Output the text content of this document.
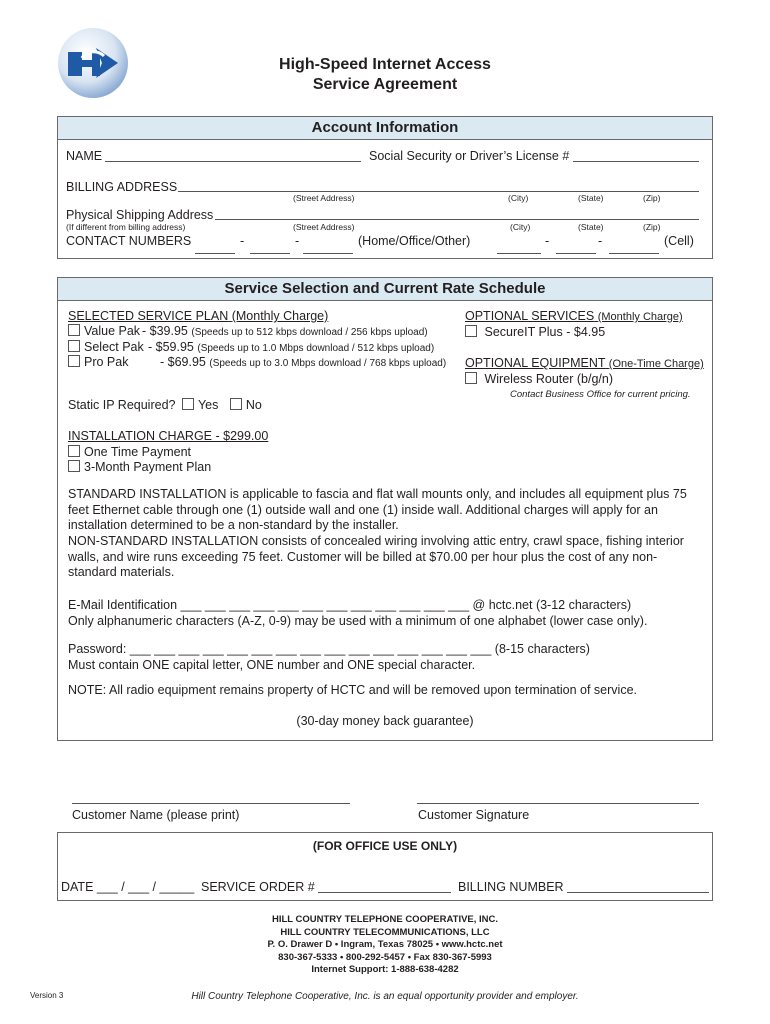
High-Speed Internet Access
Service Agreement
Account Information
NAME	Social Security or Driver’s License #
BILLING ADDRESS
(Street Address)	(City)	(State)	(Zip)
Physical Shipping Address
(If different from billing address)	(Street Address)	(City)	(State)	(Zip)
CONTACT NUMBERS	-	-	(Home/Office/Other)	-	-	(Cell)
Service Selection and Current Rate Schedule
SELECTED SERVICE PLAN (Monthly Charge)
Value Pak - $39.95 (Speeds up to 512 kbps download / 256 kbps upload)
Select Pak - $59.95 (Speeds up to 1.0 Mbps download / 512 kbps upload)
Pro Pak	- $69.95 (Speeds up to 3.0 Mbps download / 768 kbps upload)
OPTIONAL SERVICES (Monthly Charge)
SecureIT Plus - $4.95
OPTIONAL EQUIPMENT (One-Time Charge)
Wireless Router (b/g/n)
Contact Business Office for current pricing.
Static IP Required? Yes No
INSTALLATION CHARGE - $299.00
One Time Payment
3-Month Payment Plan
STANDARD INSTALLATION is applicable to fascia and flat wall mounts only, and includes all equipment plus 75 feet Ethernet cable through one (1) outside wall and one (1) inside wall. Additional charges will apply for an installation determined to be a non-standard by the installer.
NON-STANDARD INSTALLATION consists of concealed wiring involving attic entry, crawl space, fishing interior walls, and wire runs exceeding 75 feet. Customer will be billed at $70.00 per hour plus the cost of any non-standard materials.
E-Mail Identification ___ ___ ___ ___ ___ ___ ___ ___ ___ ___ ___ ___ @ hctc.net (3-12 characters)
Only alphanumeric characters (A-Z, 0-9) may be used with a minimum of one alphabet (lower case only).
Password: ___ ___ ___ ___ ___ ___ ___ ___ ___ ___ ___ ___ ___ ___ ___ (8-15 characters)
Must contain ONE capital letter, ONE number and ONE special character.
NOTE: All radio equipment remains property of HCTC and will be removed upon termination of service.
(30-day money back guarantee)
Customer Name (please print)	Customer Signature
(FOR OFFICE USE ONLY)
DATE ___ / ___ / _____ SERVICE ORDER #	BILLING NUMBER
HILL COUNTRY TELEPHONE COOPERATIVE, INC.
HILL COUNTRY TELECOMMUNICATIONS, LLC
P. O. Drawer D • Ingram, Texas 78025 • www.hctc.net
830-367-5333 • 800-292-5457 • Fax 830-367-5993
Internet Support: 1-888-638-4282
Version 3	Hill Country Telephone Cooperative, Inc. is an equal opportunity provider and employer.
